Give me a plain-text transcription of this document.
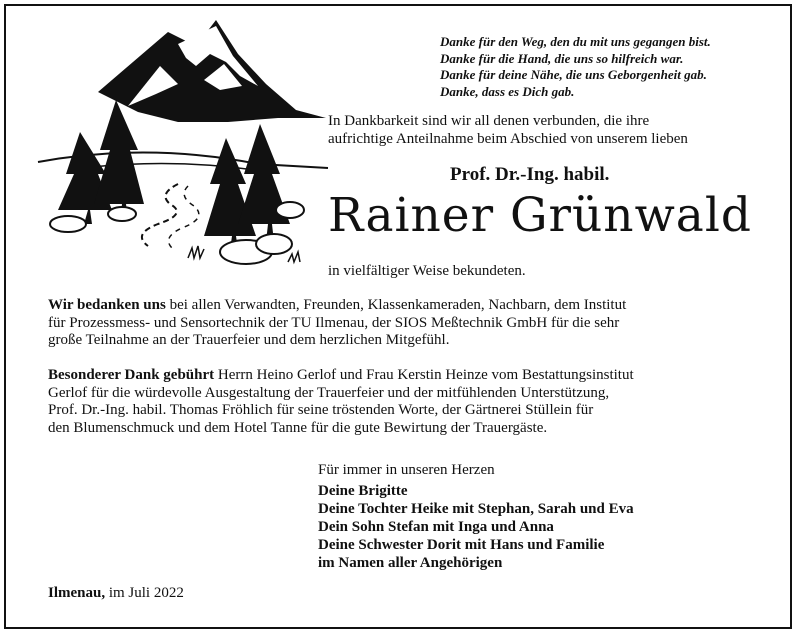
Danke für den Weg, den du mit uns gegangen bist.
Danke für die Hand, die uns so hilfreich war.
Danke für deine Nähe, die uns Geborgenheit gab.
Danke, dass es Dich gab.
In Dankbarkeit sind wir all denen verbunden, die ihre
aufrichtige Anteilnahme beim Abschied von unserem lieben
Prof. Dr.-Ing. habil.
Rainer Grünwald
in vielfältiger Weise bekundeten.
Wir bedanken uns bei allen Verwandten, Freunden, Klassenkameraden, Nachbarn, dem Institut
für Prozessmess- und Sensortechnik der TU Ilmenau, der SIOS Meßtechnik GmbH für die sehr
große Teilnahme an der Trauerfeier und dem herzlichen Mitgefühl.
Besonderer Dank gebührt Herrn Heino Gerlof und Frau Kerstin Heinze vom Bestattungsinstitut
Gerlof für die würdevolle Ausgestaltung der Trauerfeier und der mitfühlenden Unterstützung,
Prof. Dr.-Ing. habil. Thomas Fröhlich für seine tröstenden Worte, der Gärtnerei Stüllein für
den Blumenschmuck und dem Hotel Tanne für die gute Bewirtung der Trauergäste.
Für immer in unseren Herzen
Deine Brigitte
Deine Tochter Heike mit Stephan, Sarah und Eva
Dein Sohn Stefan mit Inga und Anna
Deine Schwester Dorit mit Hans und Familie
im Namen aller Angehörigen
Ilmenau, im Juli 2022
